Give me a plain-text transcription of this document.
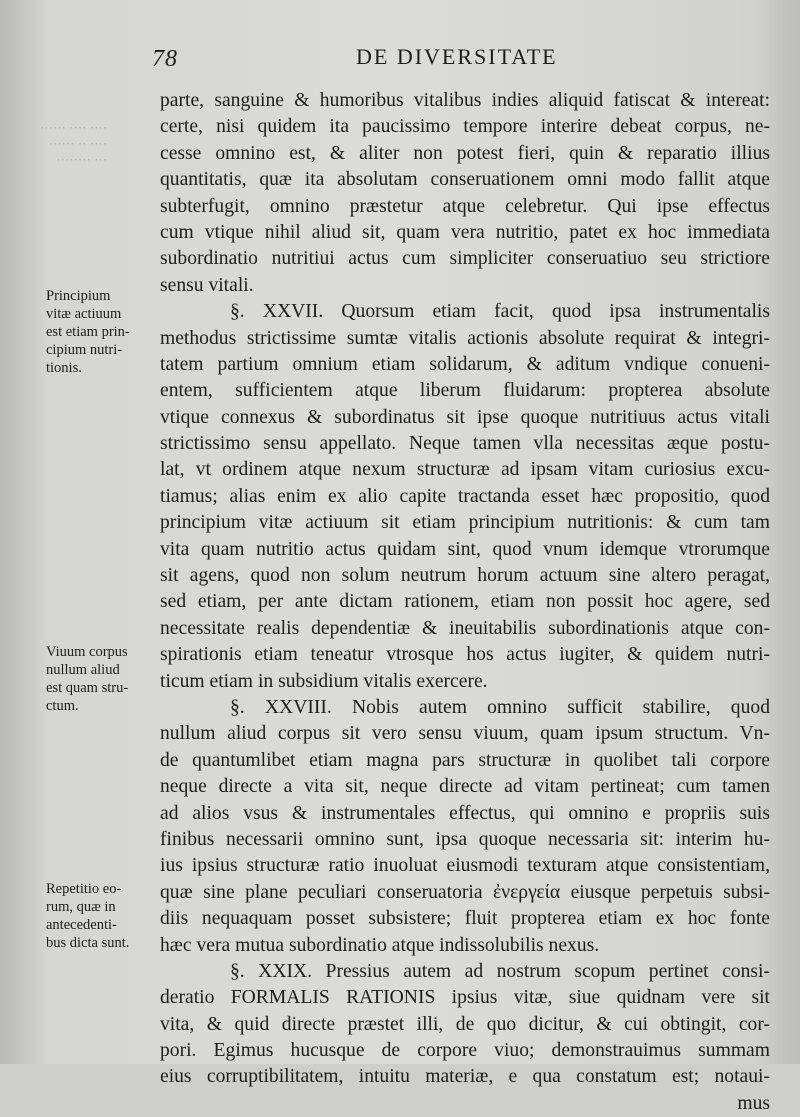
···· ···· ······
···· ·· ······
··· ········
78	DE DIVERSITATE
Principium
vitæ actiuum
est etiam prin-
cipium nutri-
tionis.
Viuum corpus
nullum aliud
est quam stru-
ctum.
Repetitio eo-
rum, quæ in
antecedenti-
bus dicta sunt.
parte, sanguine & humoribus vitalibus indies aliquid fatiscat & intereat:
certe, nisi quidem ita paucissimo tempore interire debeat corpus, ne-
cesse omnino est, & aliter non potest fieri, quin & reparatio illius
quantitatis, quæ ita absolutam conseruationem omni modo fallit atque
subterfugit, omnino præstetur atque celebretur. Qui ipse effectus
cum vtique nihil aliud sit, quam vera nutritio, patet ex hoc immediata
subordinatio nutritiui actus cum simpliciter conseruatiuo seu strictiore
sensu vitali.
§. XXVII. Quorsum etiam facit, quod ipsa instrumentalis
methodus strictissime sumtæ vitalis actionis absolute requirat & integri-
tatem partium omnium etiam solidarum, & aditum vndique conueni-
entem, sufficientem atque liberum fluidarum: propterea absolute
vtique connexus & subordinatus sit ipse quoque nutritiuus actus vitali
strictissimo sensu appellato. Neque tamen vlla necessitas æque postu-
lat, vt ordinem atque nexum structuræ ad ipsam vitam curiosius excu-
tiamus; alias enim ex alio capite tractanda esset hæc propositio, quod
principium vitæ actiuum sit etiam principium nutritionis: & cum tam
vita quam nutritio actus quidam sint, quod vnum idemque vtrorumque
sit agens, quod non solum neutrum horum actuum sine altero peragat,
sed etiam, per ante dictam rationem, etiam non possit hoc agere, sed
necessitate realis dependentiæ & ineuitabilis subordinationis atque con-
spirationis etiam teneatur vtrosque hos actus iugiter, & quidem nutri-
ticum etiam in subsidium vitalis exercere.
§. XXVIII. Nobis autem omnino sufficit stabilire, quod
nullum aliud corpus sit vero sensu viuum, quam ipsum structum. Vn-
de quantumlibet etiam magna pars structuræ in quolibet tali corpore
neque directe a vita sit, neque directe ad vitam pertineat; cum tamen
ad alios vsus & instrumentales effectus, qui omnino e propriis suis
finibus necessarii omnino sunt, ipsa quoque necessaria sit: interim hu-
ius ipsius structuræ ratio inuoluat eiusmodi texturam atque consistentiam,
quæ sine plane peculiari conseruatoria ἐνεργεία eiusque perpetuis subsi-
diis nequaquam posset subsistere; fluit propterea etiam ex hoc fonte
hæc vera mutua subordinatio atque indissolubilis nexus.
§. XXIX. Pressius autem ad nostrum scopum pertinet consi-
deratio FORMALIS RATIONIS ipsius vitæ, siue quidnam vere sit
vita, & quid directe præstet illi, de quo dicitur, & cui obtingit, cor-
pori. Egimus hucusque de corpore viuo; demonstrauimus summam
eius corruptibilitatem, intuitu materiæ, e qua constatum est; notaui-
mus
